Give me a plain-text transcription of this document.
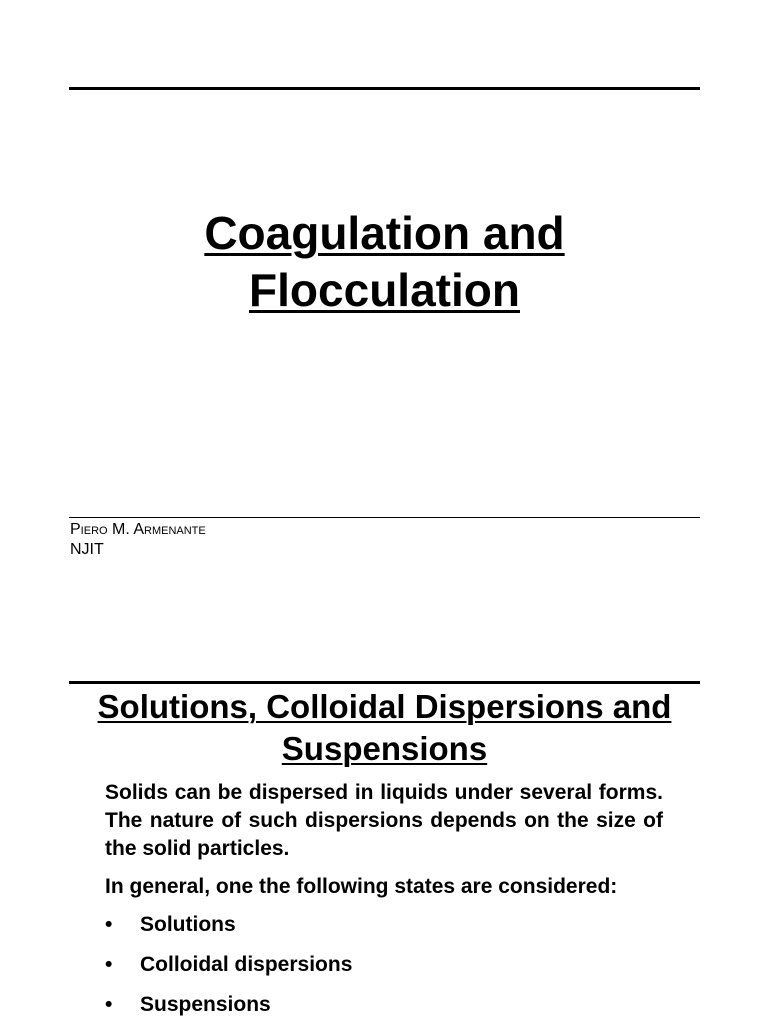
Coagulation and
Flocculation
Piero M. Armenante
NJIT
Solutions, Colloidal Dispersions and
Suspensions

Solids can be dispersed in liquids under several forms. The nature of such dispersions depends on the size of the solid particles.

In general, one the following states are considered:

• Solutions
• Colloidal dispersions
• Suspensions
